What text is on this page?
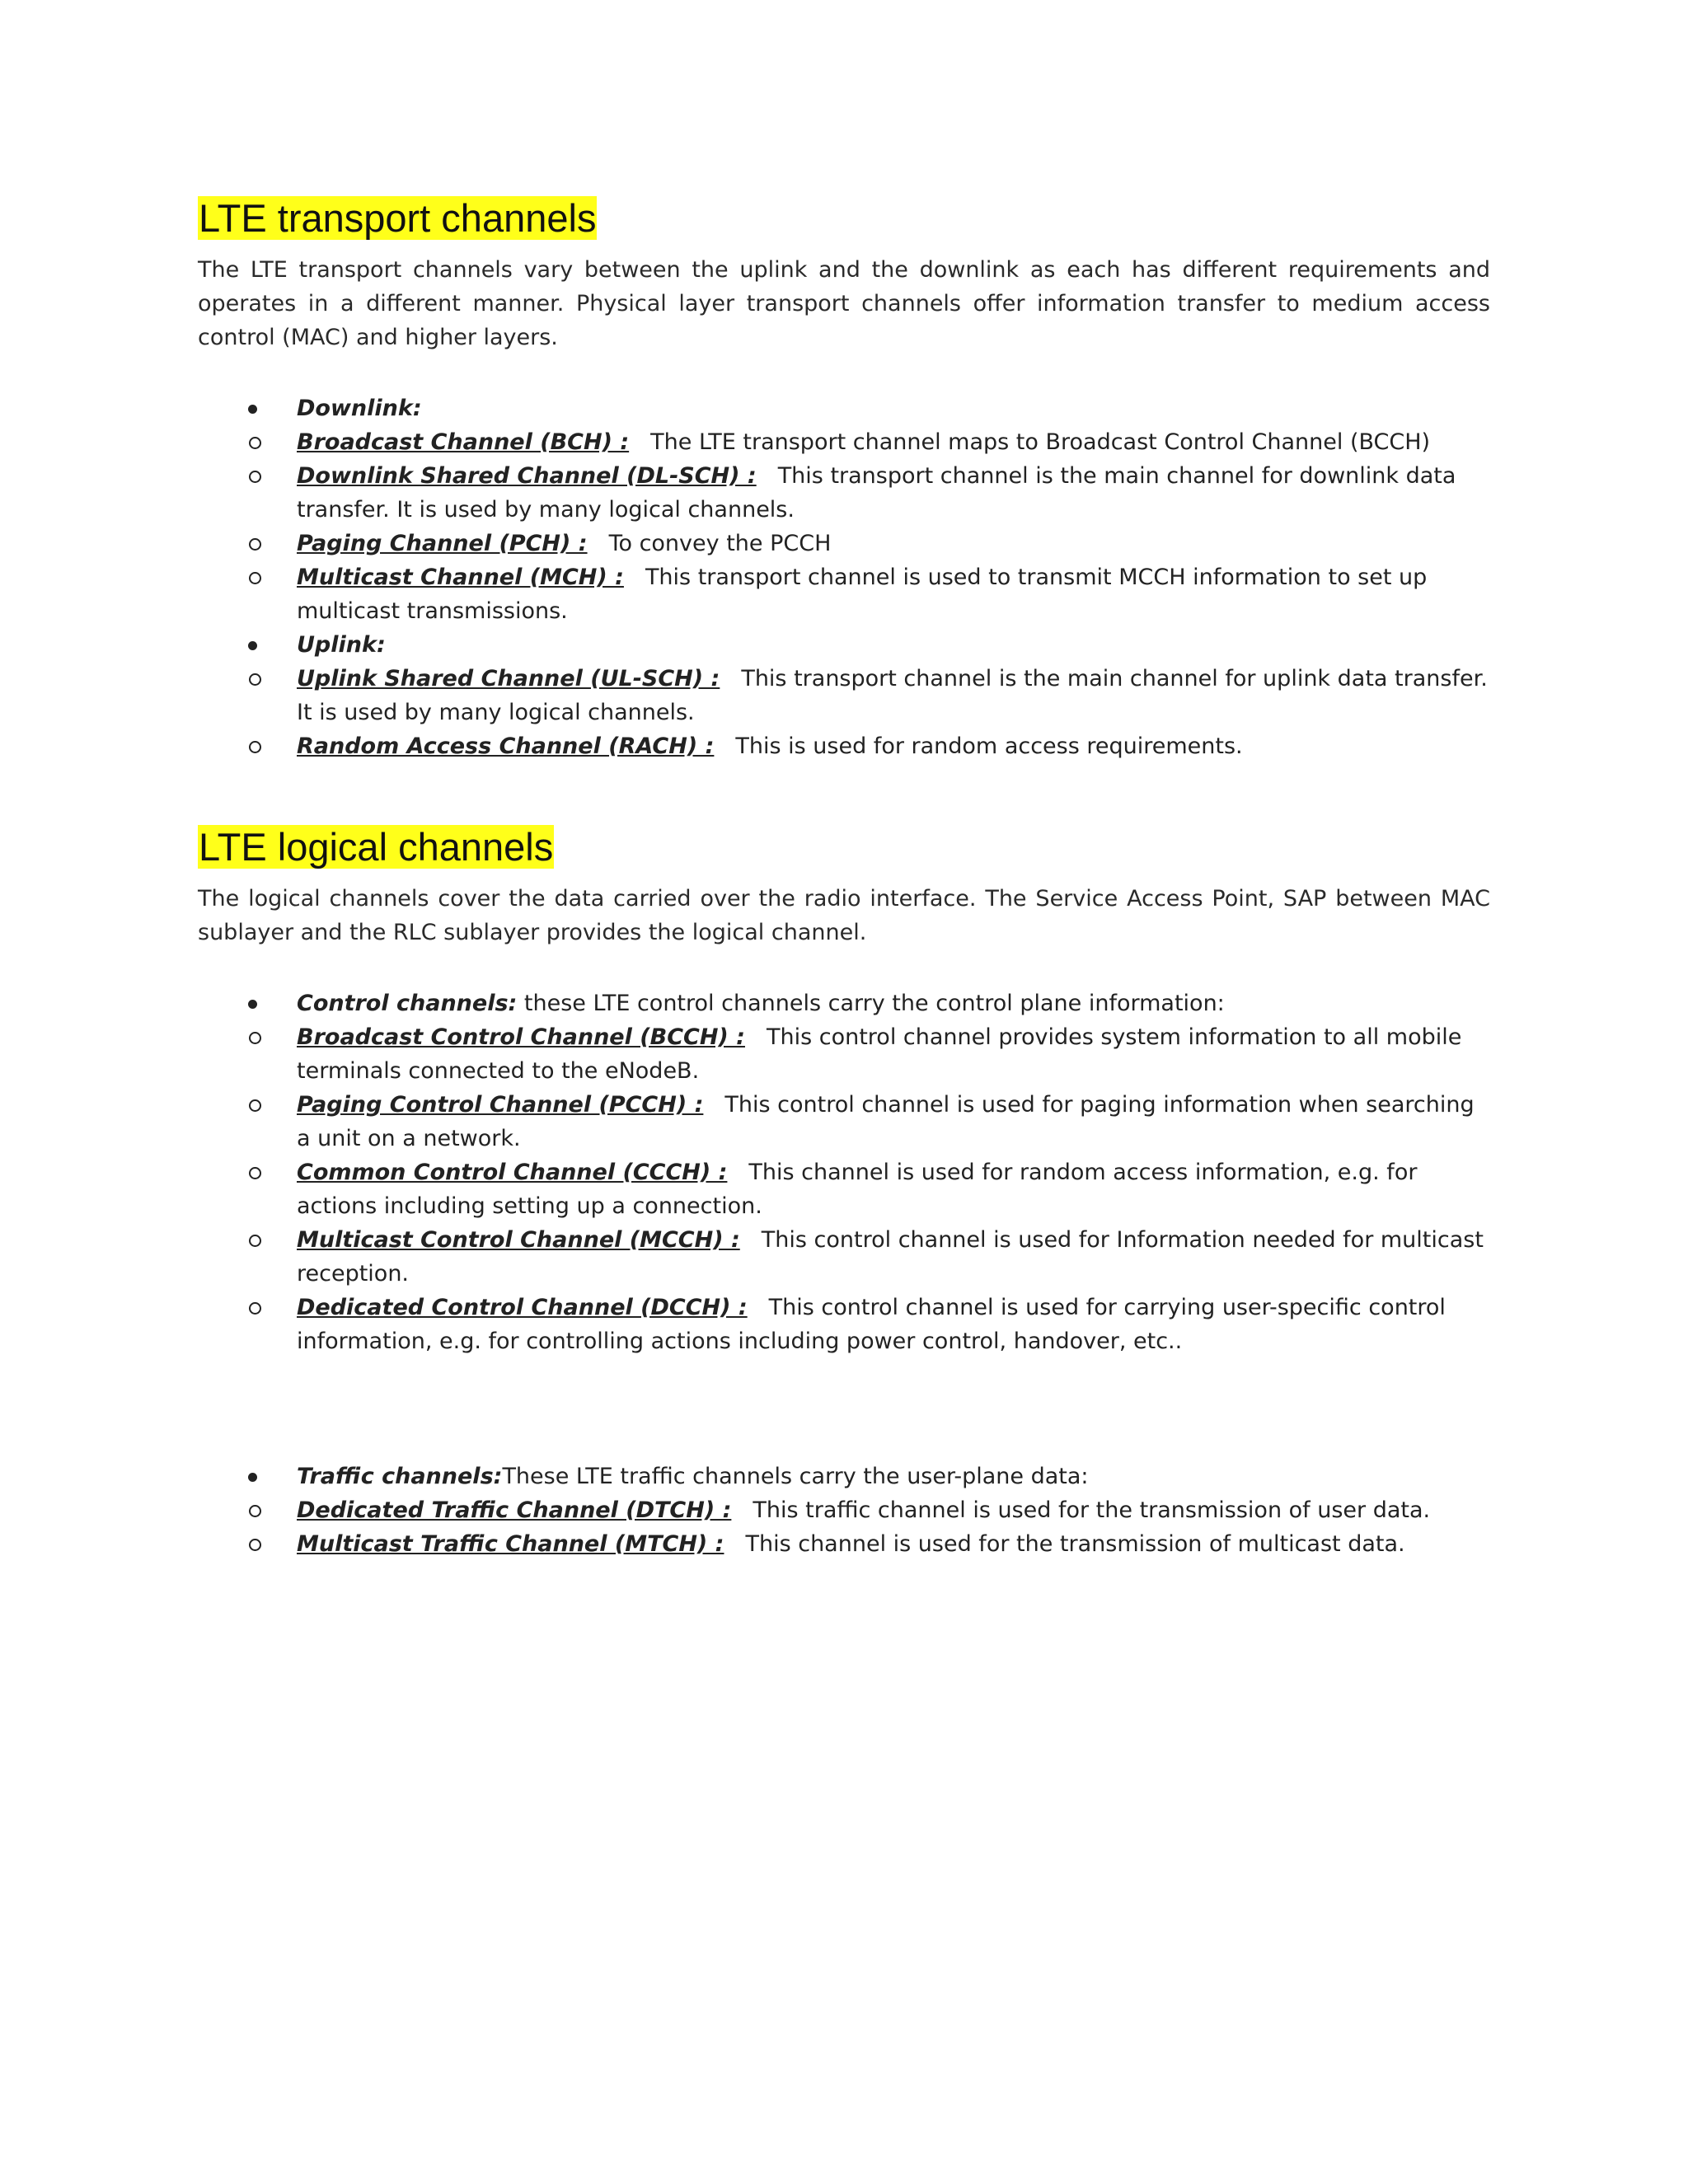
LTE transport channels

The LTE transport channels vary between the uplink and the downlink as each has different requirements and operates in a different manner. Physical layer transport channels offer information transfer to medium access control (MAC) and higher layers.

Downlink:
Broadcast Channel (BCH) : The LTE transport channel maps to Broadcast Control Channel (BCCH)
Downlink Shared Channel (DL-SCH) : This transport channel is the main channel for downlink data transfer. It is used by many logical channels.
Paging Channel (PCH) : To convey the PCCH
Multicast Channel (MCH) : This transport channel is used to transmit MCCH information to set up multicast transmissions.
Uplink:
Uplink Shared Channel (UL-SCH) : This transport channel is the main channel for uplink data transfer. It is used by many logical channels.
Random Access Channel (RACH) : This is used for random access requirements.
LTE logical channels

The logical channels cover the data carried over the radio interface. The Service Access Point, SAP between MAC sublayer and the RLC sublayer provides the logical channel.

Control channels: these LTE control channels carry the control plane information:
Broadcast Control Channel (BCCH) : This control channel provides system information to all mobile terminals connected to the eNodeB.
Paging Control Channel (PCCH) : This control channel is used for paging information when searching a unit on a network.
Common Control Channel (CCCH) : This channel is used for random access information, e.g. for actions including setting up a connection.
Multicast Control Channel (MCCH) : This control channel is used for Information needed for multicast reception.
Dedicated Control Channel (DCCH) : This control channel is used for carrying user-specific control information, e.g. for controlling actions including power control, handover, etc..
Traffic channels:These LTE traffic channels carry the user-plane data:
Dedicated Traffic Channel (DTCH) : This traffic channel is used for the transmission of user data.
Multicast Traffic Channel (MTCH) : This channel is used for the transmission of multicast data.
